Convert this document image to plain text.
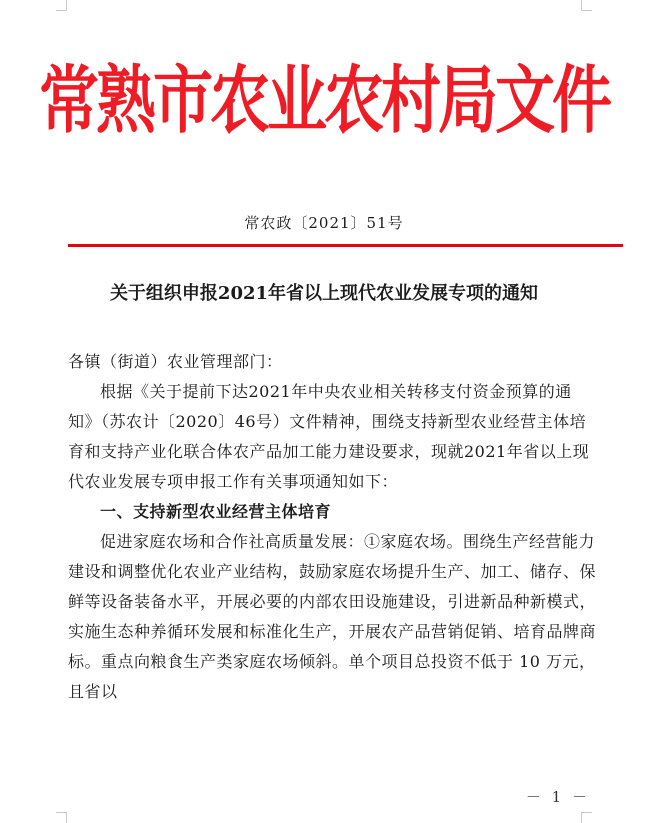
常熟市农业农村局文件
常农政〔2021〕51号
关于组织申报2021年省以上现代农业发展专项的通知

各镇（街道）农业管理部门：

根据《关于提前下达2021年中央农业相关转移支付资金预算的通知》（苏农计〔2020〕46号）文件精神，围绕支持新型农业经营主体培育和支持产业化联合体农产品加工能力建设要求，现就2021年省以上现代农业发展专项申报工作有关事项通知如下：

一、支持新型农业经营主体培育

促进家庭农场和合作社高质量发展：①家庭农场。围绕生产经营能力建设和调整优化农业产业结构，鼓励家庭农场提升生产、加工、储存、保鲜等设备装备水平，开展必要的内部农田设施建设，引进新品种新模式，实施生态种养循环发展和标准化生产，开展农产品营销促销、培育品牌商标。重点向粮食生产类家庭农场倾斜。单个项目总投资不低于 10 万元，且省以

－ 1 －
